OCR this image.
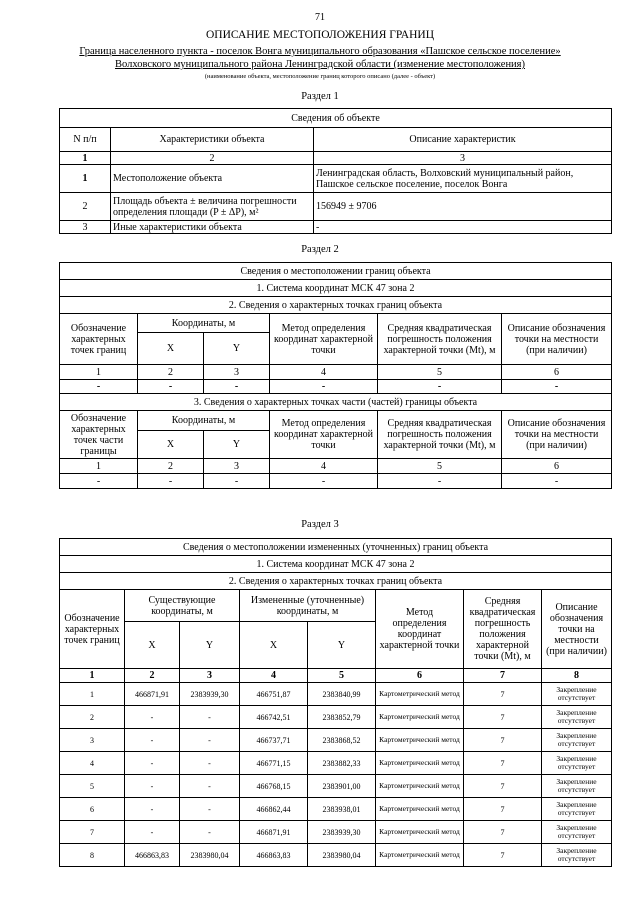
71
ОПИСАНИЕ МЕСТОПОЛОЖЕНИЯ ГРАНИЦ
Граница населенного пункта - поселок Вонга муниципального образования «Пашское сельское поселение»
Волховского муниципального района Ленинградской области (изменение местоположения)
(наименование объекта, местоположение границ которого описано (далее - объект)
Раздел 1
Сведения об объекте		
N п/п	Характеристики объекта	Описание характеристик
1	2	3
1	Местоположение объекта	Ленинградская область, Волховский муниципальный район, Пашское сельское поселение, поселок Вонга
2	Площадь объекта ± величина погрешности определения площади (P ± ΔP), м²	156949 ± 9706
3	Иные характеристики объекта	-
Раздел 2
Сведения о местоположении границ объекта					
1. Система координат МСК 47 зона 2					
2. Сведения о характерных точках границ объекта					
Обозначение характерных точек границ	Координаты, м		Метод определения координат характерной точки	Средняя квадратическая погрешность положения характерной точки (Mt), м	Описание обозначения точки на местности (при наличии)
	X	Y			
1	2	3	4	5	6
-	-	-	-	-	-
3. Сведения о характерных точках части (частей) границы объекта					
Обозначение характерных точек части границы	Координаты, м		Метод определения координат характерной точки	Средняя квадратическая погрешность положения характерной точки (Mt), м	Описание обозначения точки на местности (при наличии)
	X	Y			
1	2	3	4	5	6
-	-	-	-	-	-
Раздел 3
Сведения о местоположении измененных (уточненных) границ объекта							
1. Система координат МСК 47 зона 2							
2. Сведения о характерных точках границ объекта							
Обозначение характерных точек границ	Существующие координаты, м		Измененные (уточненные) координаты, м		Метод определения координат характерной точки	Средняя квадратическая погрешность положения характерной точки (Mt), м	Описание обозначения точки на местности (при наличии)
	X	Y	X	Y			
1	2	3	4	5	6	7	8
1	466871,91	2383939,30	466751,87	2383840,99	Картометрический метод	7	Закрепление отсутствует
2	-	-	466742,51	2383852,79	Картометрический метод	7	Закрепление отсутствует
3	-	-	466737,71	2383868,52	Картометрический метод	7	Закрепление отсутствует
4	-	-	466771,15	2383882,33	Картометрический метод	7	Закрепление отсутствует
5	-	-	466768,15	2383901,00	Картометрический метод	7	Закрепление отсутствует
6	-	-	466862,44	2383938,01	Картометрический метод	7	Закрепление отсутствует
7	-	-	466871,91	2383939,30	Картометрический метод	7	Закрепление отсутствует
8	466863,83	2383980,04	466863,83	2383980,04	Картометрический метод	7	Закрепление отсутствует
